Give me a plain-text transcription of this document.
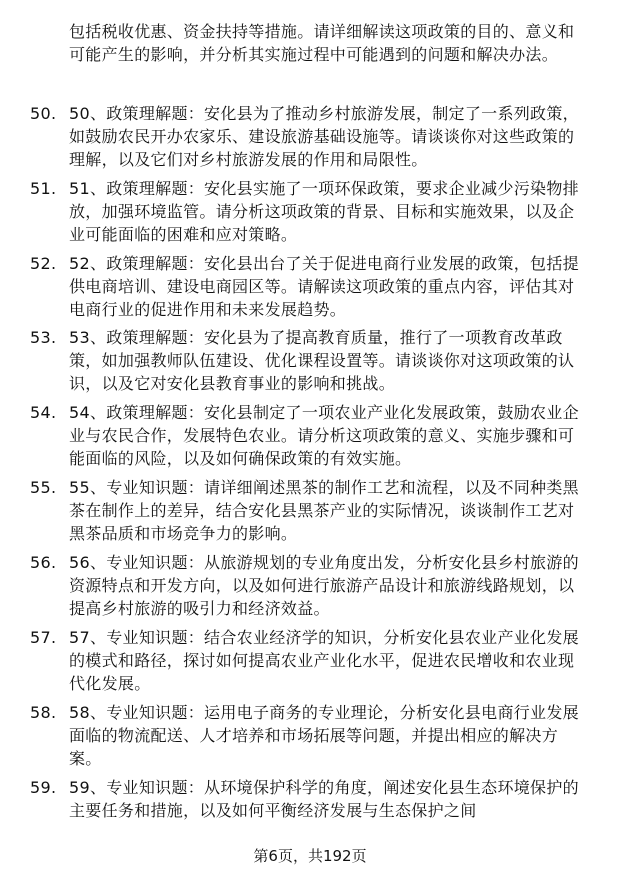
包括税收优惠、资金扶持等措施。请详细解读这项政策的目的、意义和可能产生的影响，并分析其实施过程中可能遇到的问题和解决办法。
50. 50、政策理解题：安化县为了推动乡村旅游发展，制定了一系列政策，如鼓励农民开办农家乐、建设旅游基础设施等。请谈谈你对这些政策的理解，以及它们对乡村旅游发展的作用和局限性。
51. 51、政策理解题：安化县实施了一项环保政策，要求企业减少污染物排放，加强环境监管。请分析这项政策的背景、目标和实施效果，以及企业可能面临的困难和应对策略。
52. 52、政策理解题：安化县出台了关于促进电商行业发展的政策，包括提供电商培训、建设电商园区等。请解读这项政策的重点内容，评估其对电商行业的促进作用和未来发展趋势。
53. 53、政策理解题：安化县为了提高教育质量，推行了一项教育改革政策，如加强教师队伍建设、优化课程设置等。请谈谈你对这项政策的认识，以及它对安化县教育事业的影响和挑战。
54. 54、政策理解题：安化县制定了一项农业产业化发展政策，鼓励农业企业与农民合作，发展特色农业。请分析这项政策的意义、实施步骤和可能面临的风险，以及如何确保政策的有效实施。
55. 55、专业知识题：请详细阐述黑茶的制作工艺和流程，以及不同种类黑茶在制作上的差异，结合安化县黑茶产业的实际情况，谈谈制作工艺对黑茶品质和市场竞争力的影响。
56. 56、专业知识题：从旅游规划的专业角度出发，分析安化县乡村旅游的资源特点和开发方向，以及如何进行旅游产品设计和旅游线路规划，以提高乡村旅游的吸引力和经济效益。
57. 57、专业知识题：结合农业经济学的知识，分析安化县农业产业化发展的模式和路径，探讨如何提高农业产业化水平，促进农民增收和农业现代化发展。
58. 58、专业知识题：运用电子商务的专业理论，分析安化县电商行业发展面临的物流配送、人才培养和市场拓展等问题，并提出相应的解决方案。
59. 59、专业知识题：从环境保护科学的角度，阐述安化县生态环境保护的主要任务和措施，以及如何平衡经济发展与生态保护之间
第6页，共192页
